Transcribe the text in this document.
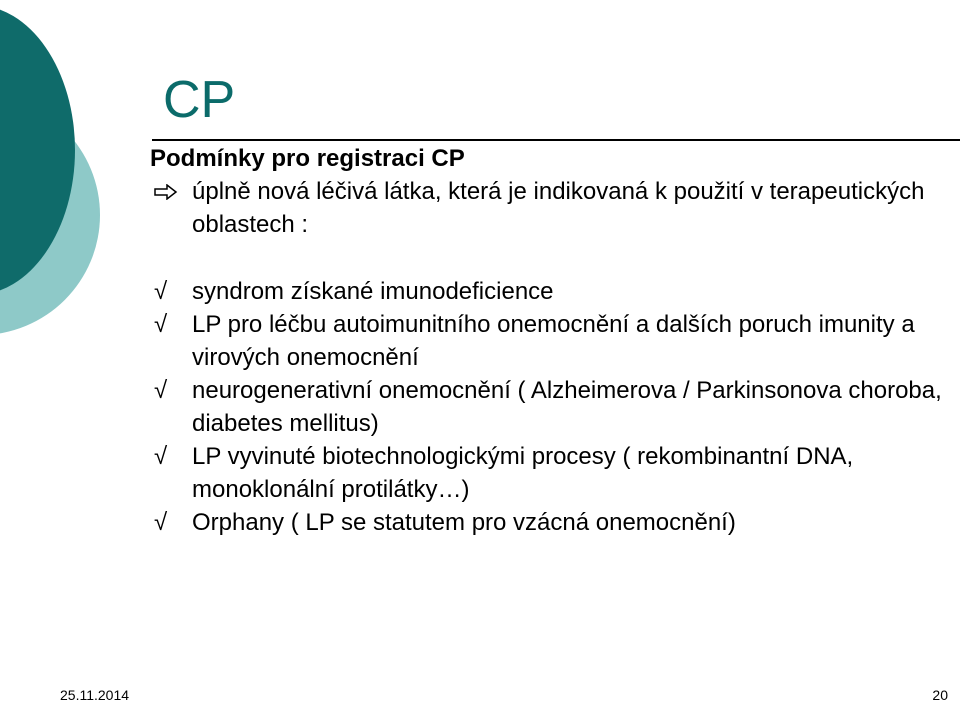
CP

Podmínky pro registraci CP

úplně nová léčivá látka, která je indikovaná k použití v terapeutických oblastech :
√	syndrom získané imunodeficience
√	LP pro léčbu autoimunitního onemocnění a dalších poruch imunity a virových onemocnění
√	neurogenerativní onemocnění ( Alzheimerova / Parkinsonova choroba, diabetes mellitus)
√	LP vyvinuté biotechnologickými procesy ( rekombinantní DNA, monoklonální protilátky…)
√	Orphany ( LP se statutem pro vzácná onemocnění)
25.11.2014	20
